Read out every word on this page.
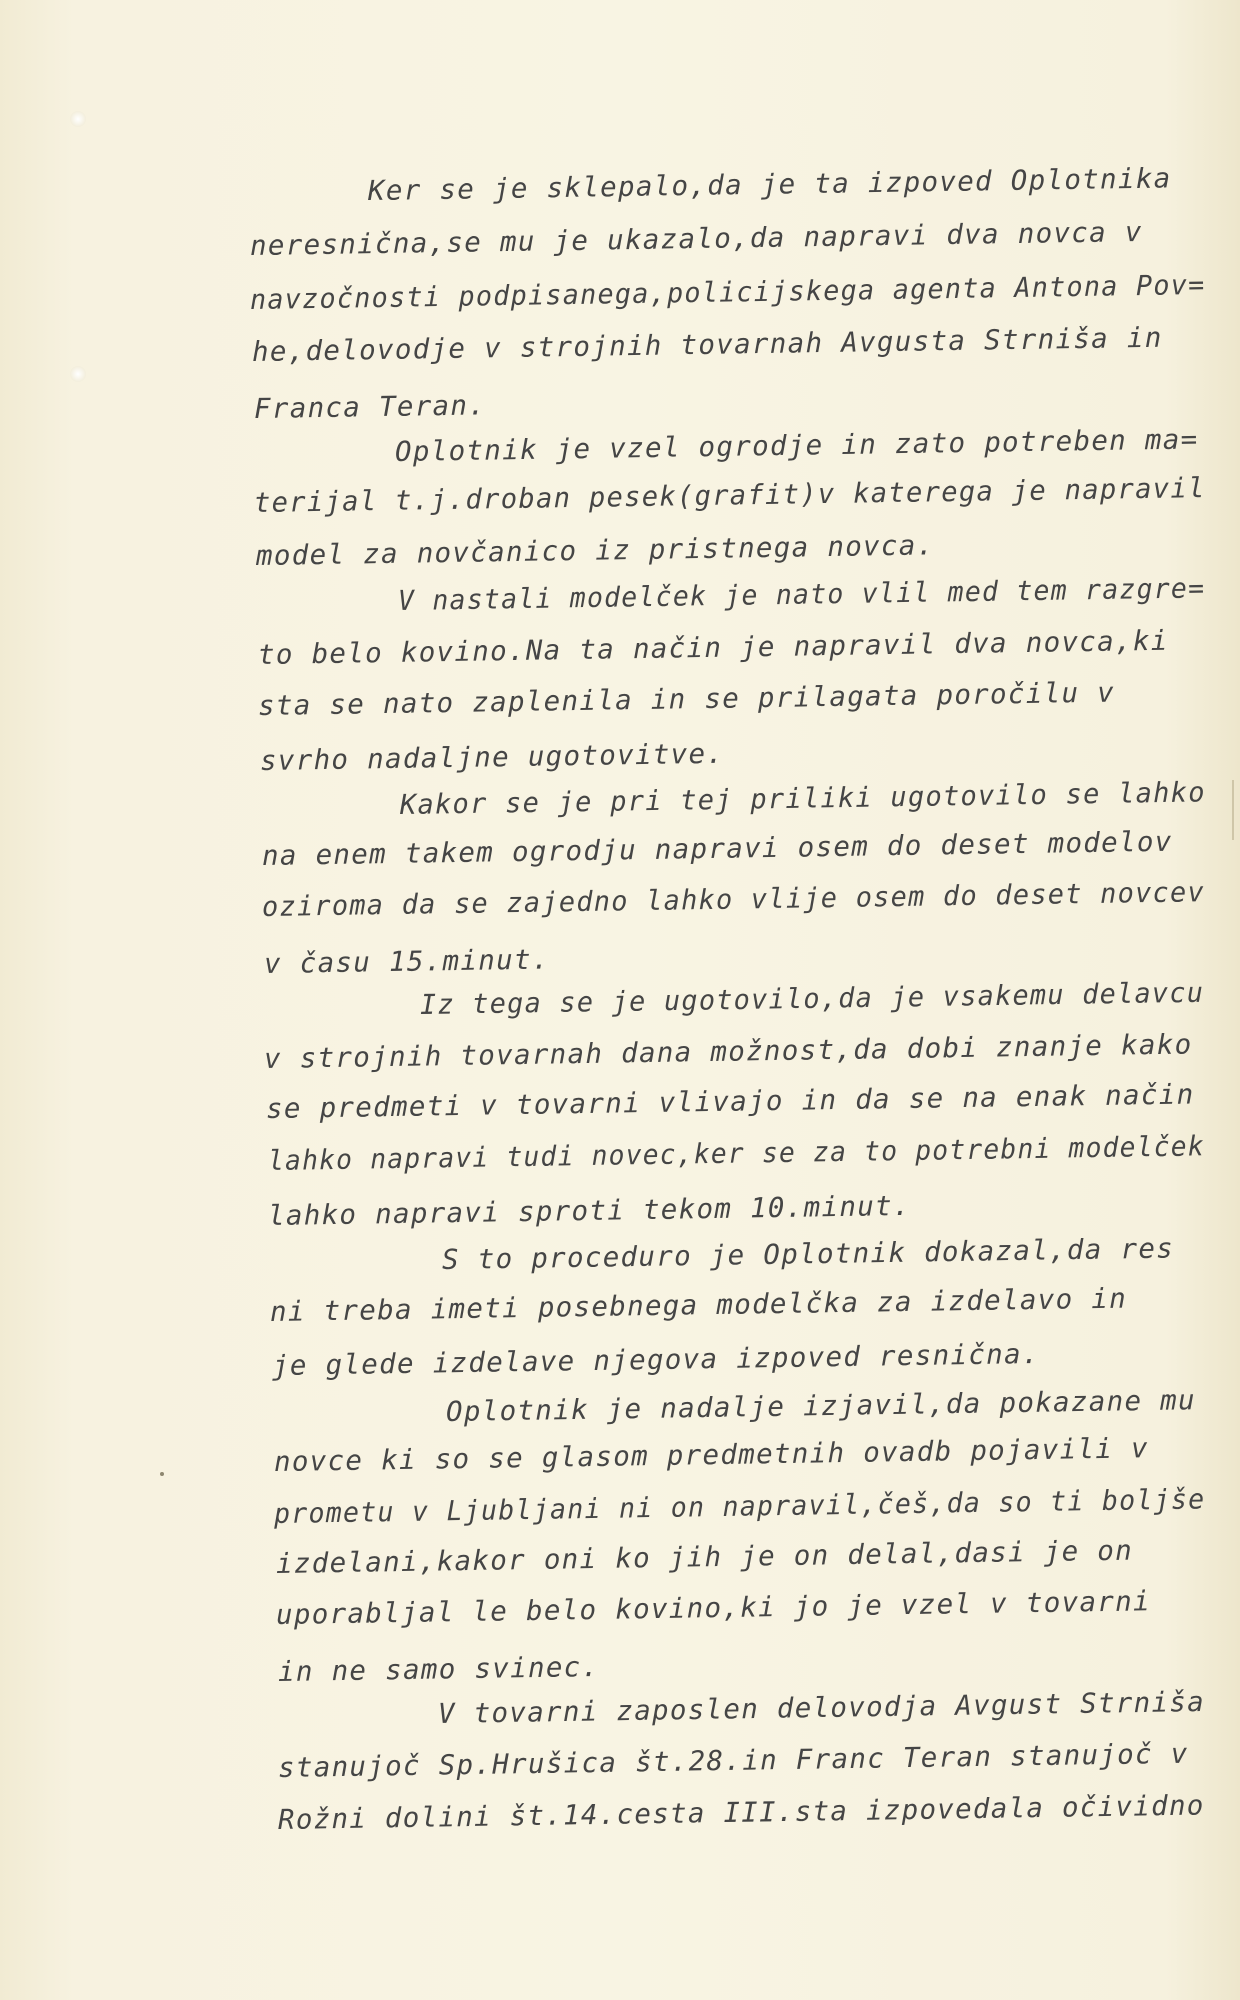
Ker se je sklepalo,da je ta izpoved Oplotnika
neresnična,se mu je ukazalo,da napravi dva novca v
navzočnosti podpisanega,policijskega agenta Antona Pov=
he,delovodje v strojnih tovarnah Avgusta Strniša in
Franca Teran.
Oplotnik je vzel ogrodje in zato potreben ma=
terijal t.j.droban pesek(grafit)v katerega je napravil
model za novčanico iz pristnega novca.
V nastali modelček je nato vlil med tem razgre=
to belo kovino.Na ta način je napravil dva novca,ki
sta se nato zaplenila in se prilagata poročilu v
svrho nadaljne ugotovitve.
Kakor se je pri tej priliki ugotovilo se lahko
na enem takem ogrodju napravi osem do deset modelov
oziroma da se zajedno lahko vlije osem do deset novcev
v času 15.minut.
Iz tega se je ugotovilo,da je vsakemu delavcu
v strojnih tovarnah dana možnost,da dobi znanje kako
se predmeti v tovarni vlivajo in da se na enak način
lahko napravi tudi novec,ker se za to potrebni modelček
lahko napravi sproti tekom 10.minut.
S to proceduro je Oplotnik dokazal,da res
ni treba imeti posebnega modelčka za izdelavo in
je glede izdelave njegova izpoved resnična.
Oplotnik je nadalje izjavil,da pokazane mu
novce ki so se glasom predmetnih ovadb pojavili v
prometu v Ljubljani ni on napravil,češ,da so ti boljše
izdelani,kakor oni ko jih je on delal,dasi je on
uporabljal le belo kovino,ki jo je vzel v tovarni
in ne samo svinec.
V tovarni zaposlen delovodja Avgust Strniša
stanujoč Sp.Hrušica št.28.in Franc Teran stanujoč v
Rožni dolini št.14.cesta III.sta izpovedala očividno
